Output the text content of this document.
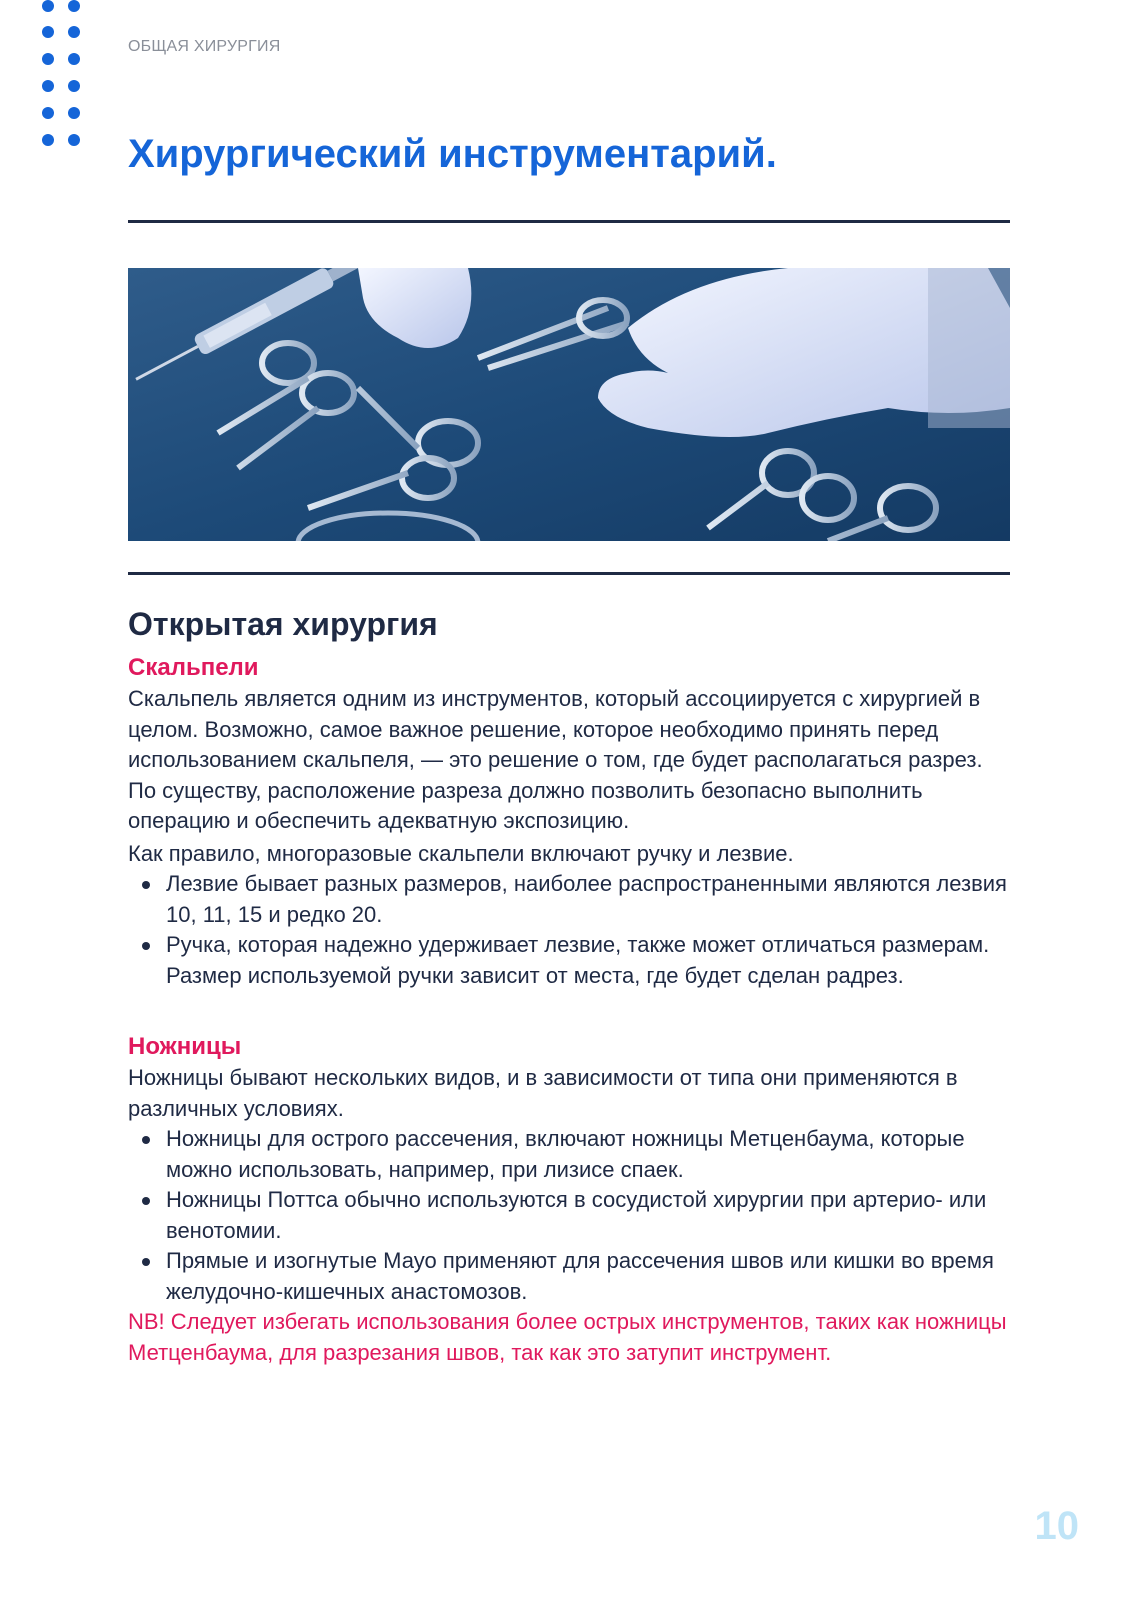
ОБЩАЯ ХИРУРГИЯ
Хирургический инструментарий.
Открытая хирургия
Скальпели

Скальпель является одним из инструментов, который ассоциируется с хирургией в целом. Возможно, самое важное решение, которое необходимо принять перед использованием скальпеля, — это решение о том, где будет располагаться разрез. По существу, расположение разреза должно позволить безопасно выполнить операцию и обеспечить адекватную экспозицию.

Как правило, многоразовые скальпели включают ручку и лезвие.

Лезвие бывает разных размеров, наиболее распространенными являются лезвия 10, 11, 15 и редко 20.
Ручка, которая надежно удерживает лезвие, также может отличаться размерам. Размер используемой ручки зависит от места, где будет сделан радрез.
Ножницы

Ножницы бывают нескольких видов, и в зависимости от типа они применяются в различных условиях.

Ножницы для острого рассечения, включают ножницы Метценбаума, которые можно использовать, например, при лизисе спаек.
Ножницы Поттса обычно используются в сосудистой хирургии при артерио- или венотомии.
Прямые и изогнутые Мауо применяют для рассечения швов или кишки во время желудочно-кишечных анастомозов.

NB! Следует избегать использования более острых инструментов, таких как ножницы Метценбаума, для разрезания швов, так как это затупит инструмент.

10
